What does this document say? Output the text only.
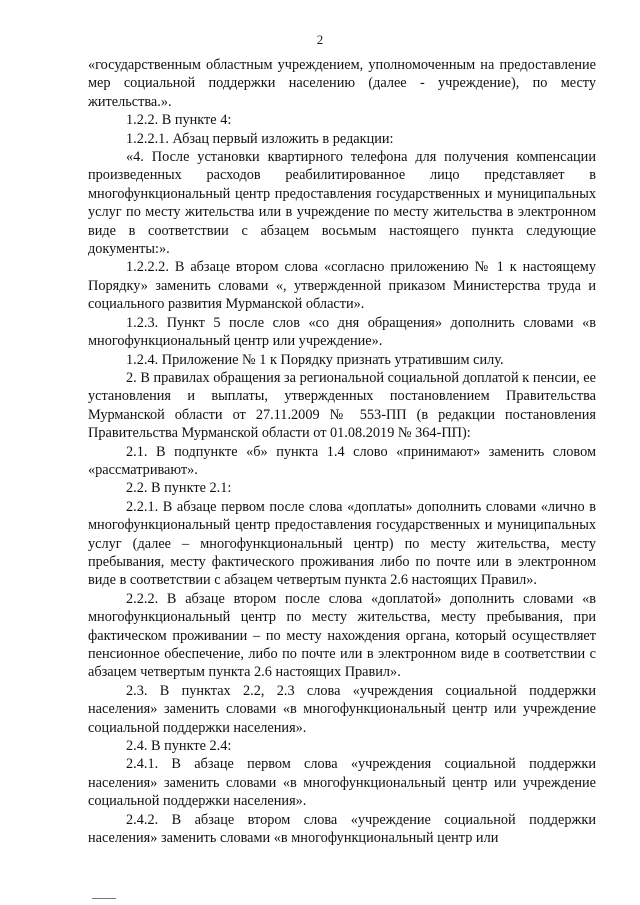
2

«государственным областным учреждением, уполномоченным на предоставление мер социальной поддержки населению (далее - учреждение), по месту жительства.».

1.2.2. В пункте 4:

1.2.2.1. Абзац первый изложить в редакции:

«4. После установки квартирного телефона для получения компенсации произведенных расходов реабилитированное лицо представляет в многофункциональный центр предоставления государственных и муниципальных услуг по месту жительства или в учреждение по месту жительства в электронном виде в соответствии с абзацем восьмым настоящего пункта следующие документы:».

1.2.2.2. В абзаце втором слова «согласно приложению № 1 к настоящему Порядку» заменить словами «, утвержденной приказом Министерства труда и социального развития Мурманской области».

1.2.3. Пункт 5 после слов «со дня обращения» дополнить словами «в многофункциональный центр или учреждение».

1.2.4. Приложение № 1 к Порядку признать утратившим силу.

2. В правилах обращения за региональной социальной доплатой к пенсии, ее установления и выплаты, утвержденных постановлением Правительства Мурманской области от 27.11.2009 № 553-ПП (в редакции постановления Правительства Мурманской области от 01.08.2019 № 364-ПП):

2.1. В подпункте «б» пункта 1.4 слово «принимают» заменить словом «рассматривают».

2.2. В пункте 2.1:

2.2.1. В абзаце первом после слова «доплаты» дополнить словами «лично в многофункциональный центр предоставления государственных и муниципальных услуг (далее – многофункциональный центр) по месту жительства, месту пребывания, месту фактического проживания либо по почте или в электронном виде в соответствии с абзацем четвертым пункта 2.6 настоящих Правил».

2.2.2. В абзаце втором после слова «доплатой» дополнить словами «в многофункциональный центр по месту жительства, месту пребывания, при фактическом проживании – по месту нахождения органа, который осуществляет пенсионное обеспечение, либо по почте или в электронном виде в соответствии с абзацем четвертым пункта 2.6 настоящих Правил».

2.3. В пунктах 2.2, 2.3 слова «учреждения социальной поддержки населения» заменить словами «в многофункциональный центр или учреждение социальной поддержки населения».

2.4. В пункте 2.4:

2.4.1. В абзаце первом слова «учреждения социальной поддержки населения» заменить словами «в многофункциональный центр или учреждение социальной поддержки населения».

2.4.2. В абзаце втором слова «учреждение социальной поддержки населения» заменить словами «в многофункциональный центр или
